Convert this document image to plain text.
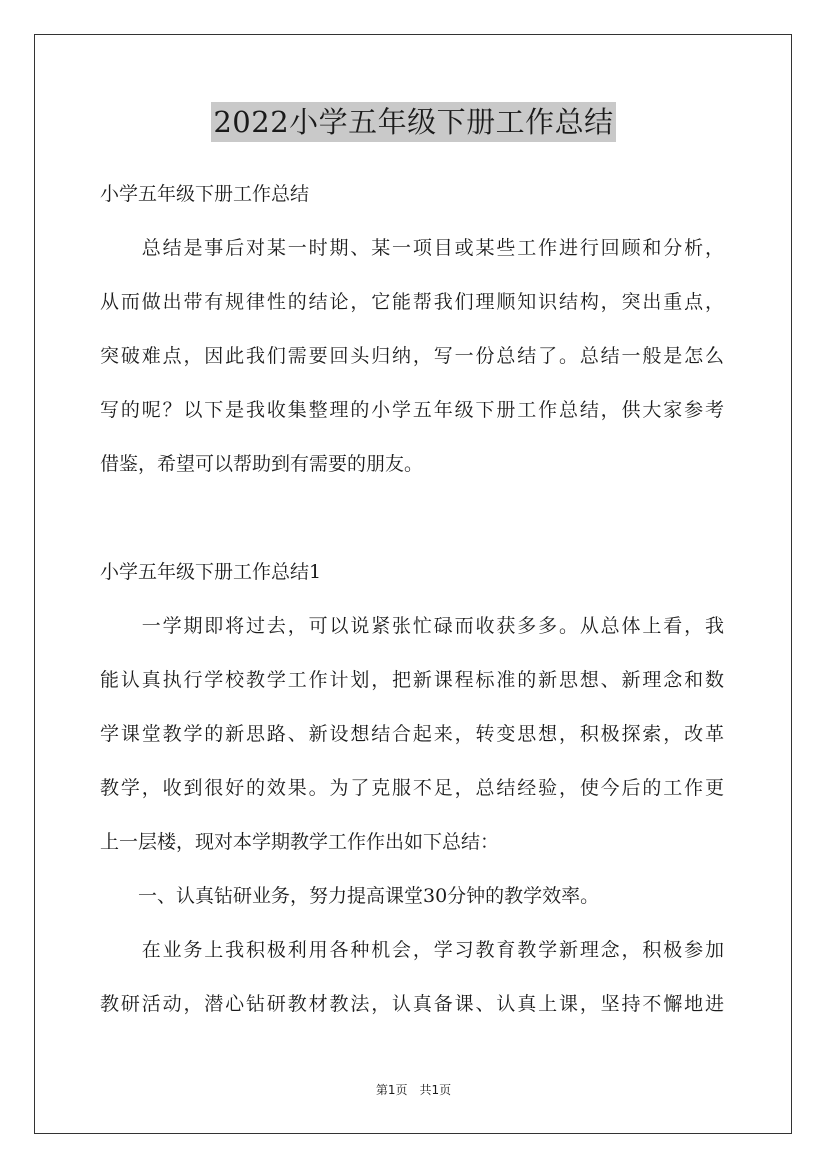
2022小学五年级下册工作总结

小学五年级下册工作总结

　　总结是事后对某一时期、某一项目或某些工作进行回顾和分析，

从而做出带有规律性的结论，它能帮我们理顺知识结构，突出重点，

突破难点，因此我们需要回头归纳，写一份总结了。总结一般是怎么

写的呢？以下是我收集整理的小学五年级下册工作总结，供大家参考

借鉴，希望可以帮助到有需要的朋友。

小学五年级下册工作总结1

　　一学期即将过去，可以说紧张忙碌而收获多多。从总体上看，我

能认真执行学校教学工作计划，把新课程标准的新思想、新理念和数

学课堂教学的新思路、新设想结合起来，转变思想，积极探索，改革

教学，收到很好的效果。为了克服不足，总结经验，使今后的工作更

上一层楼，现对本学期教学工作作出如下总结：

　　一、认真钻研业务，努力提高课堂30分钟的教学效率。

　　在业务上我积极利用各种机会，学习教育教学新理念，积极参加

教研活动，潜心钻研教材教法，认真备课、认真上课，坚持不懈地进

第1页　 共1页
